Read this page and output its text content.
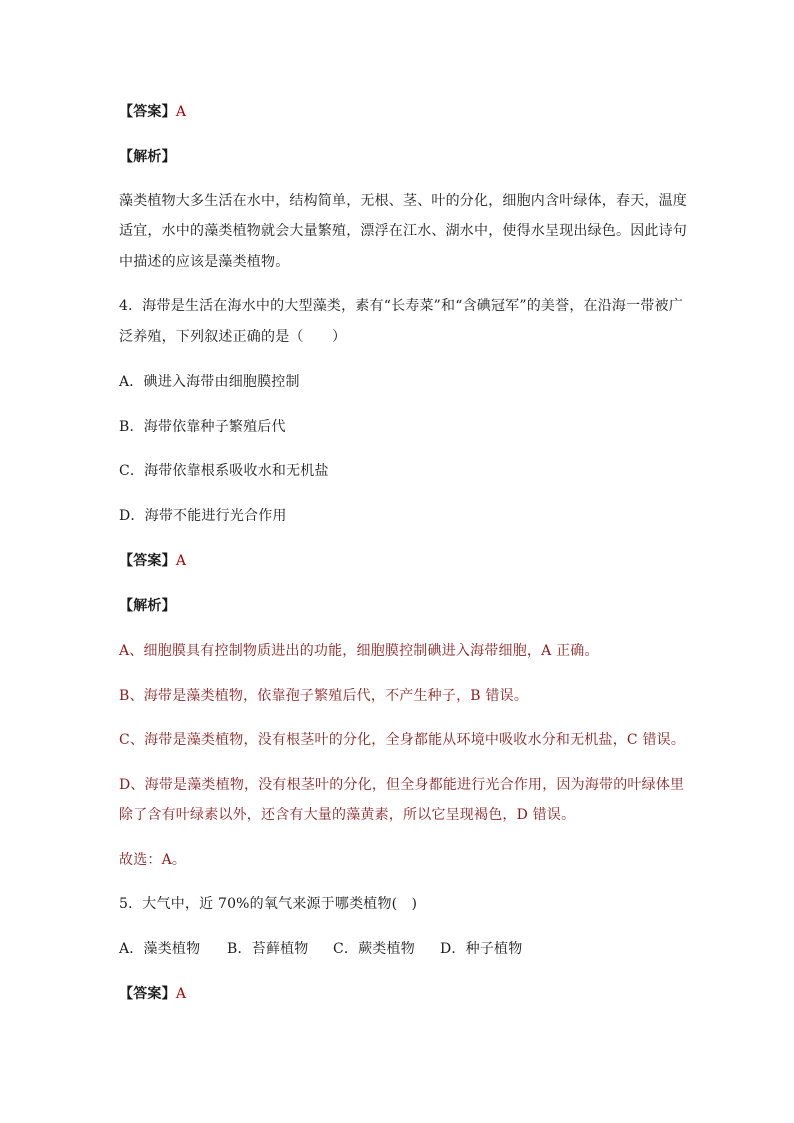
【答案】A
【解析】
藻类植物大多生活在水中，结构简单，无根、茎、叶的分化，细胞内含叶绿体，春天，温度
适宜，水中的藻类植物就会大量繁殖，漂浮在江水、湖水中，使得水呈现出绿色。因此诗句
中描述的应该是藻类植物。
4．海带是生活在海水中的大型藻类，素有“长寿菜”和“含碘冠军”的美誉，在沿海一带被广
泛养殖，下列叙述正确的是（　　）
A．碘进入海带由细胞膜控制
B．海带依靠种子繁殖后代
C．海带依靠根系吸收水和无机盐
D．海带不能进行光合作用
【答案】A
【解析】
A、细胞膜具有控制物质进出的功能，细胞膜控制碘进入海带细胞，A 正确。
B、海带是藻类植物，依靠孢子繁殖后代，不产生种子，B 错误。
C、海带是藻类植物，没有根茎叶的分化，全身都能从环境中吸收水分和无机盐，C 错误。
D、海带是藻类植物，没有根茎叶的分化，但全身都能进行光合作用，因为海带的叶绿体里
除了含有叶绿素以外，还含有大量的藻黄素，所以它呈现褐色，D 错误。
故选：A。
5．大气中，近 70%的氧气来源于哪类植物(　)
A．藻类植物 B．苔藓植物 C．蕨类植物 D．种子植物
【答案】A
